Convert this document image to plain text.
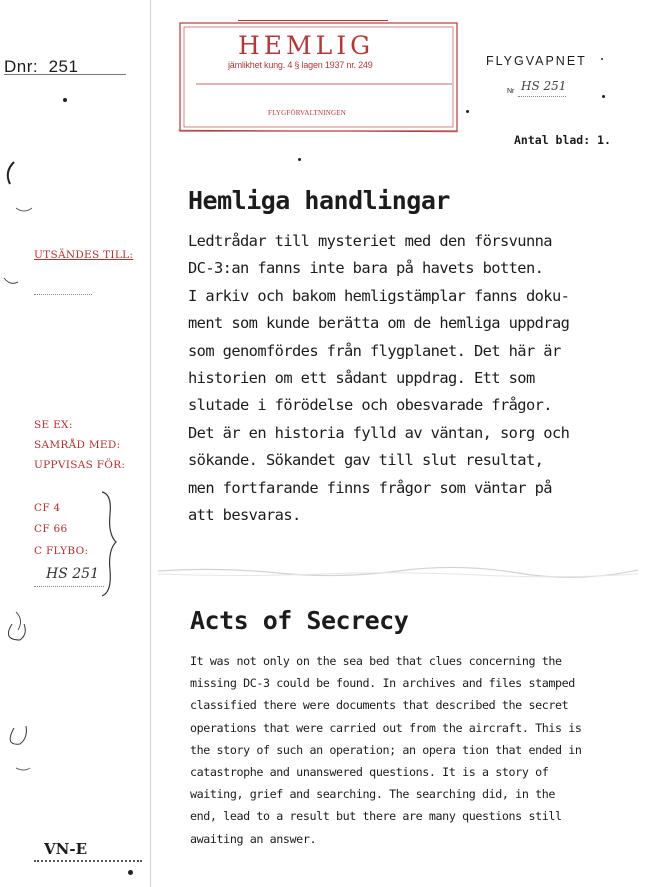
Dnr: 251
UTSÄNDES TILL:
SE EX:
SAMRÅD MED:
UPPVISAS FÖR:
CF 4
CF 66
C FLYBO:
HS 251
VN-E
HEMLIG
jämlikhet kung. 4 § lagen 1937 nr. 249
FLYGFÖRVALTNINGEN
FLYGVAPNET
Nr HS 251
Antal blad: 1.
Hemliga handlingar
Ledtrådar till mysteriet med den försvunna
DC-3:an fanns inte bara på havets botten.
I arkiv och bakom hemligstämplar fanns doku-
ment som kunde berätta om de hemliga uppdrag
som genomfördes från flygplanet. Det här är
historien om ett sådant uppdrag. Ett som
slutade i förödelse och obesvarade frågor.
Det är en historia fylld av väntan, sorg och
sökande. Sökandet gav till slut resultat,
men fortfarande finns frågor som väntar på
att besvaras.
Acts of Secrecy
It was not only on the sea bed that clues concerning the
missing DC-3 could be found. In archives and files stamped
classified there were documents that described the secret
operations that were carried out from the aircraft. This is
the story of such an operation; an opera tion that ended in
catastrophe and unanswered questions. It is a story of
waiting, grief and searching. The searching did, in the
end, lead to a result but there are many questions still
awaiting an answer.
